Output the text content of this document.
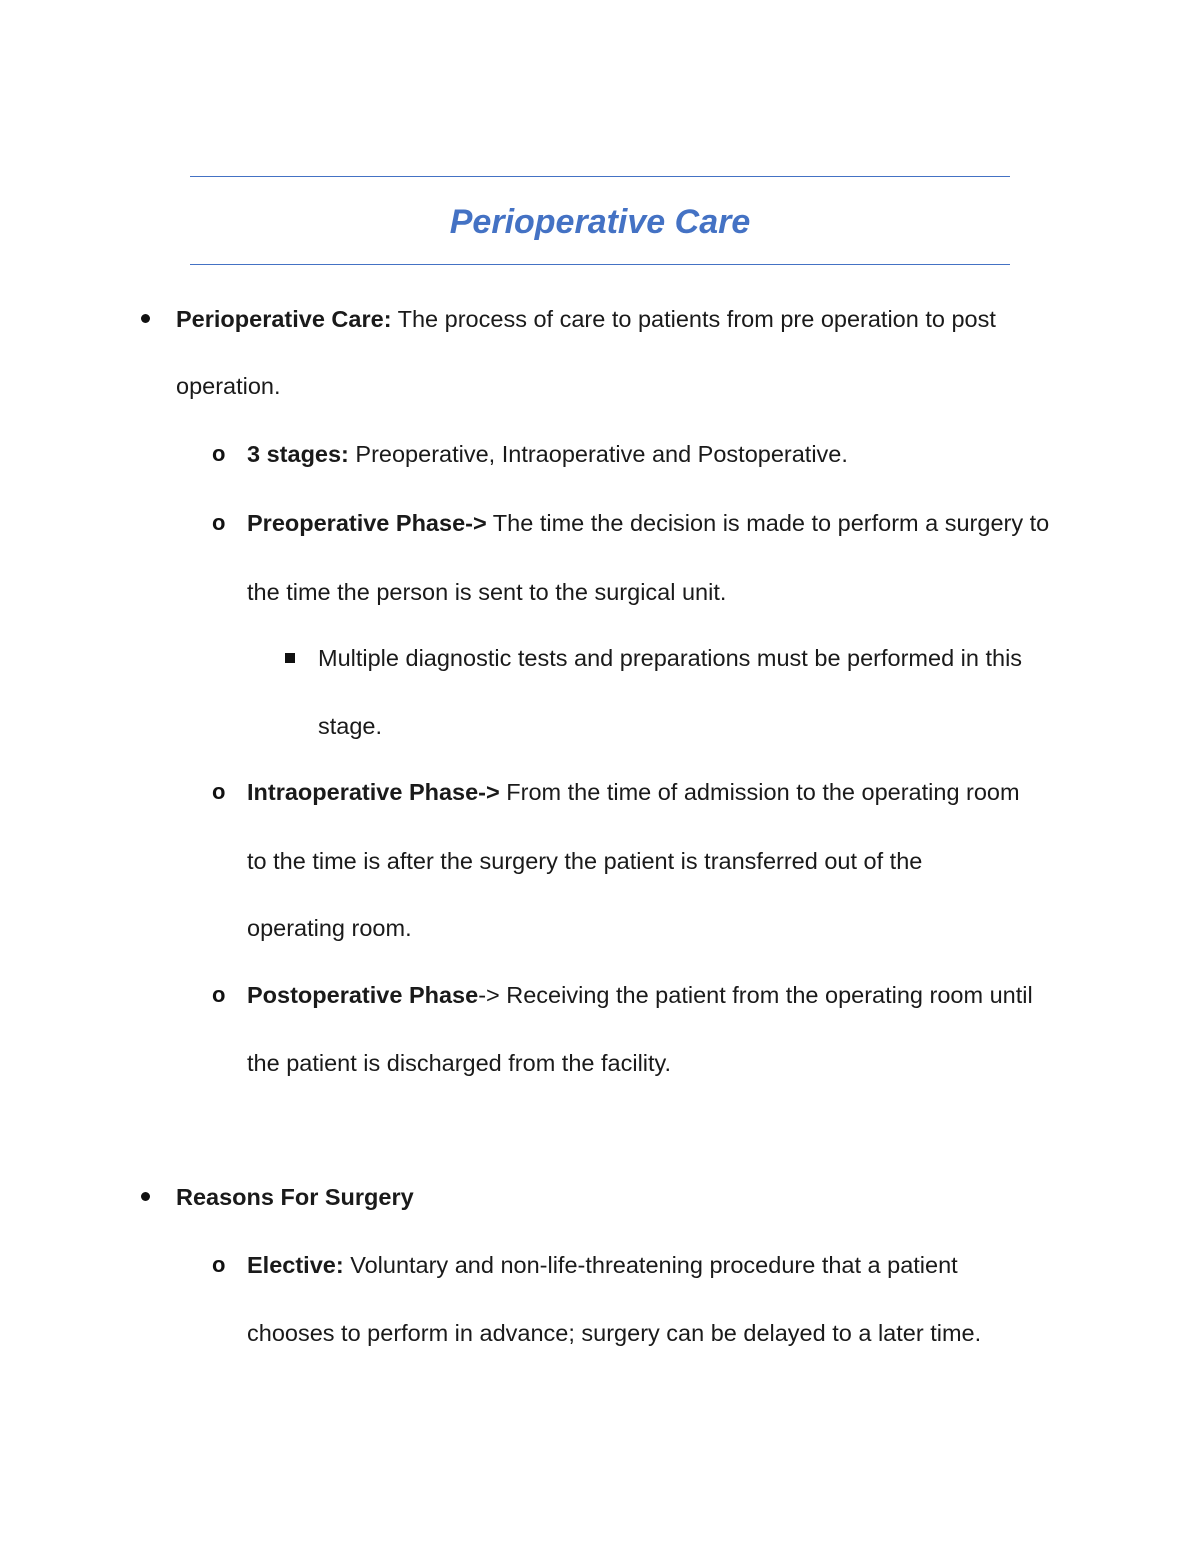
Perioperative Care
Perioperative Care: The process of care to patients from pre operation to post
operation.
o 3 stages: Preoperative, Intraoperative and Postoperative.
o Preoperative Phase-> The time the decision is made to perform a surgery to
the time the person is sent to the surgical unit.
Multiple diagnostic tests and preparations must be performed in this
stage.
o Intraoperative Phase-> From the time of admission to the operating room
to the time is after the surgery the patient is transferred out of the
operating room.
o Postoperative Phase-> Receiving the patient from the operating room until
the patient is discharged from the facility.
Reasons For Surgery
o Elective: Voluntary and non-life-threatening procedure that a patient
chooses to perform in advance; surgery can be delayed to a later time.
